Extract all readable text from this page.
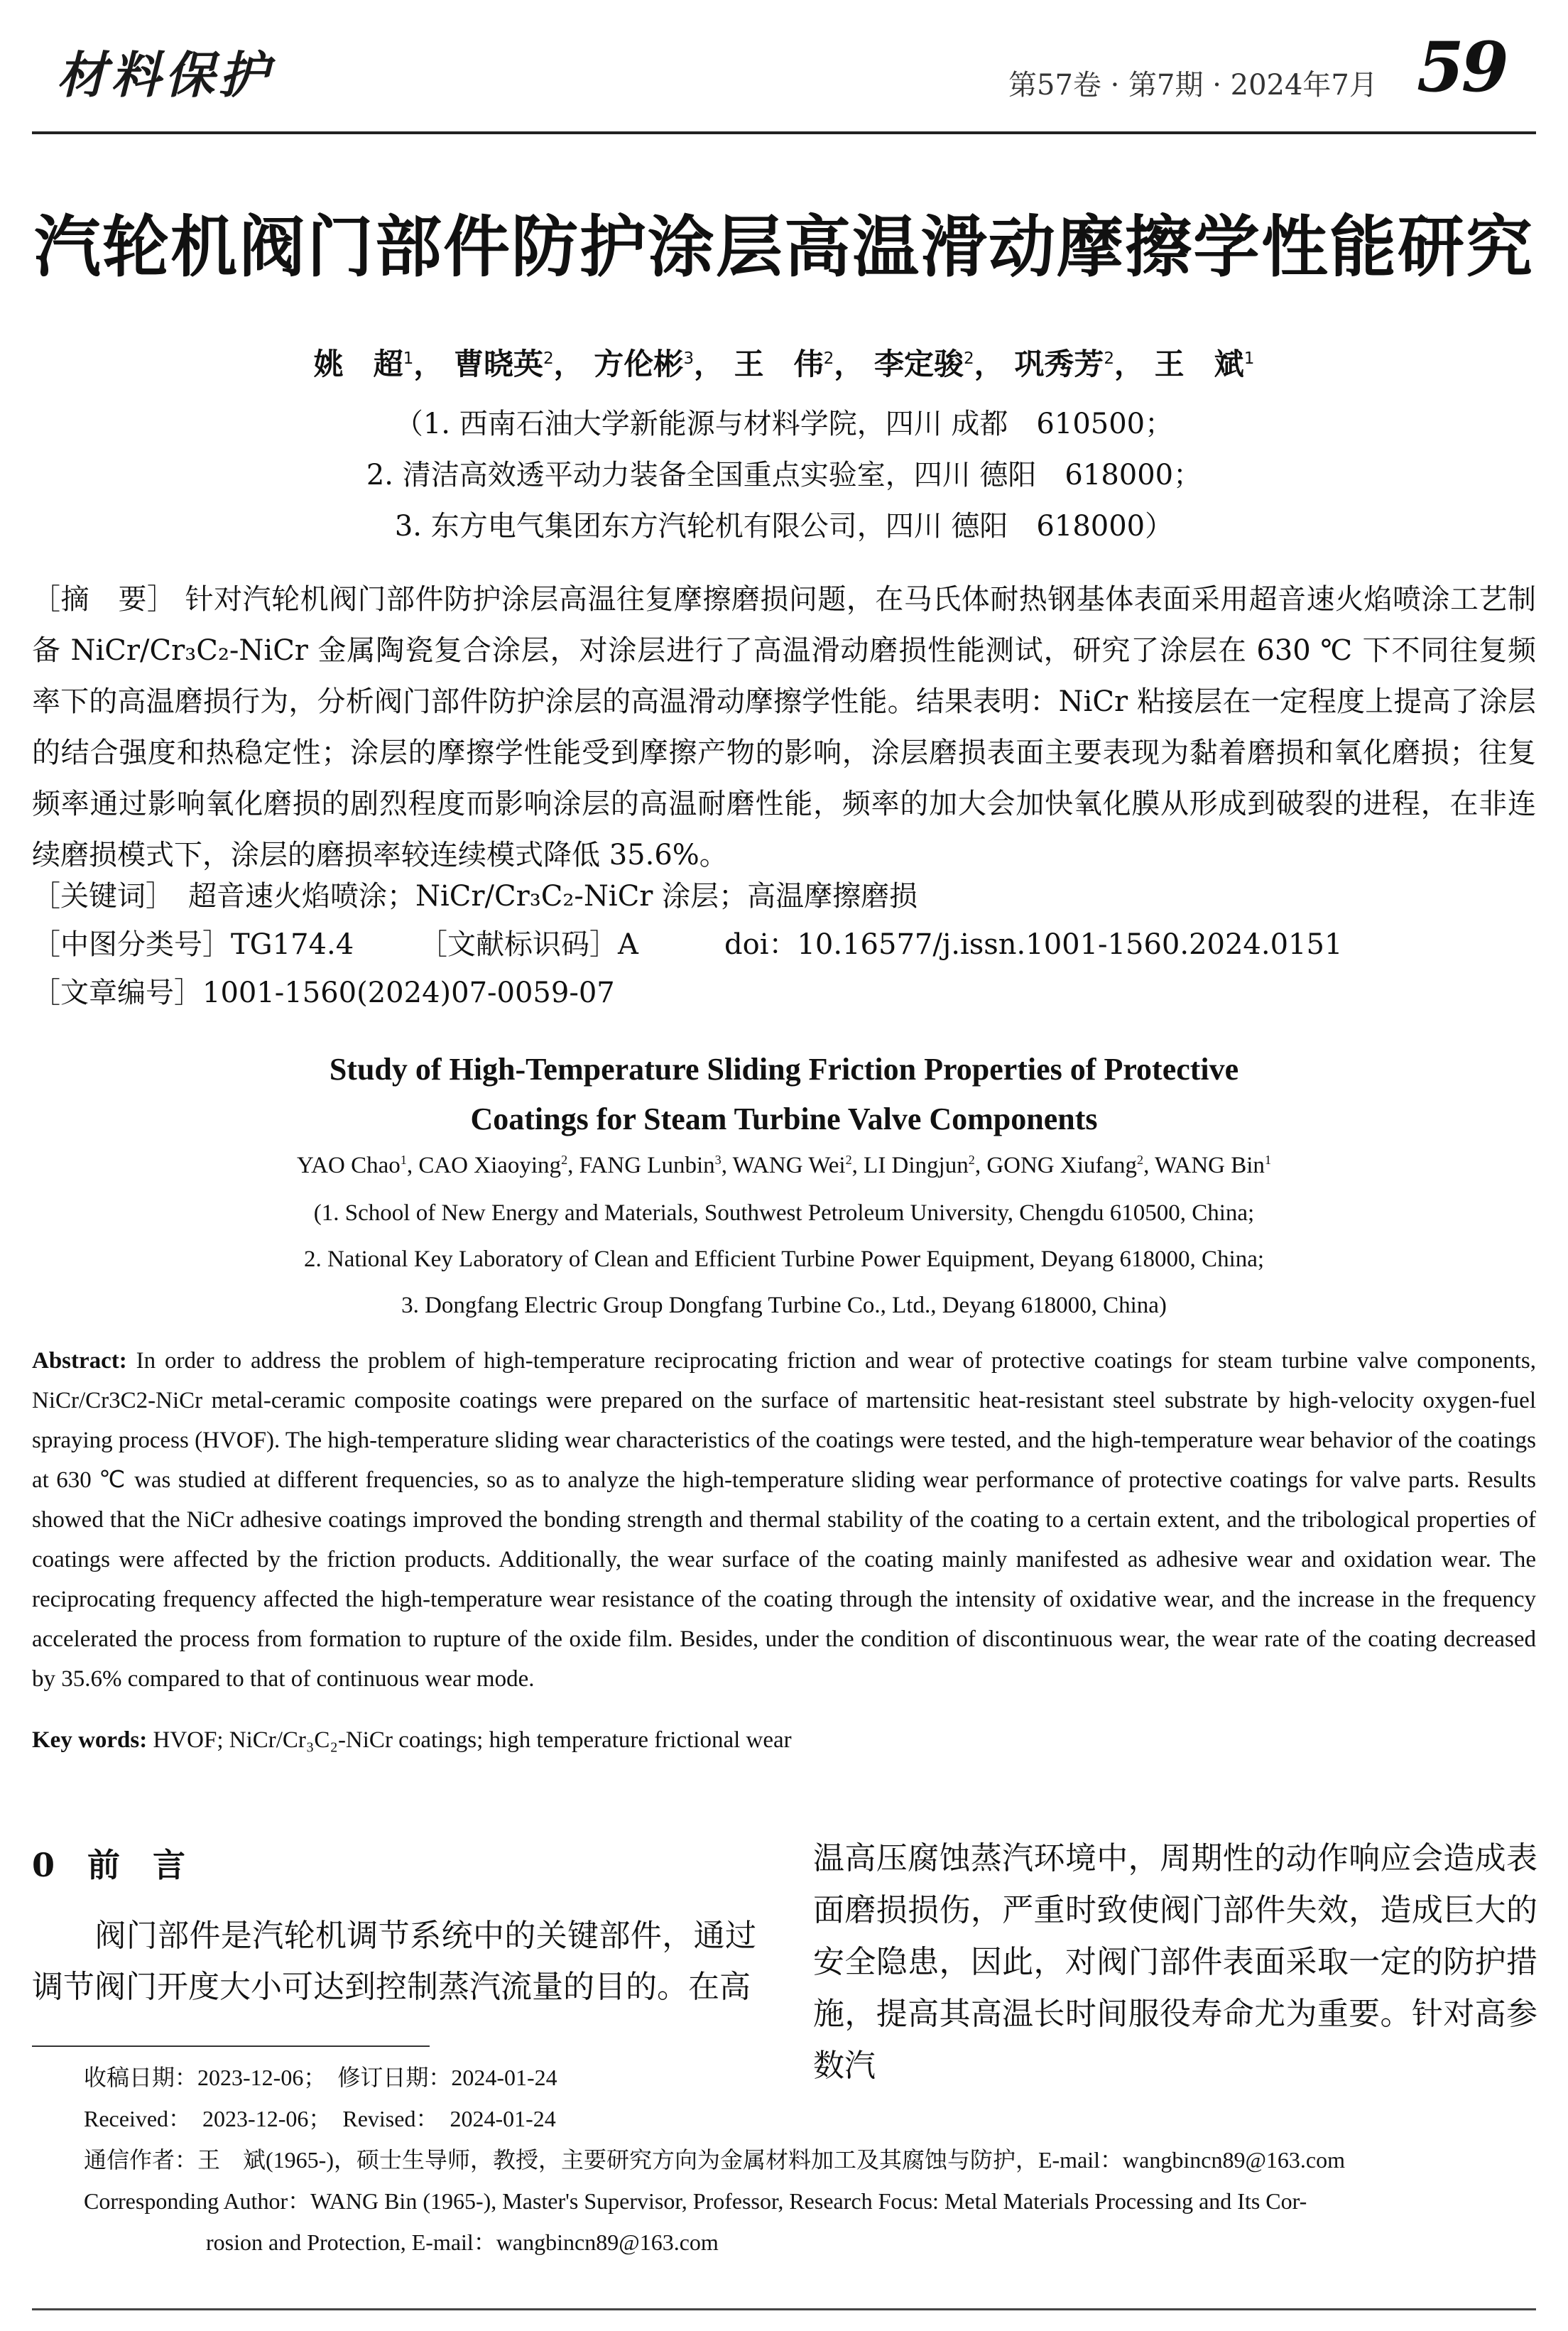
材料保护	第57卷 · 第7期 · 2024年7月 59
汽轮机阀门部件防护涂层高温滑动摩擦学性能研究
姚　超$^1$， 曹晓英$^2$， 方伦彬$^3$， 王　伟$^2$， 李定骏$^2$， 巩秀芳$^2$， 王　斌$^1$
（1. 西南石油大学新能源与材料学院，四川 成都　610500；
2. 清洁高效透平动力装备全国重点实验室，四川 德阳　618000；
3. 东方电气集团东方汽轮机有限公司，四川 德阳　618000）
［摘　要］ 针对汽轮机阀门部件防护涂层高温往复摩擦磨损问题，在马氏体耐热钢基体表面采用超音速火焰喷涂工艺制备 NiCr/Cr₃C₂-NiCr 金属陶瓷复合涂层，对涂层进行了高温滑动磨损性能测试，研究了涂层在 630 ℃ 下不同往复频率下的高温磨损行为，分析阀门部件防护涂层的高温滑动摩擦学性能。结果表明：NiCr 粘接层在一定程度上提高了涂层的结合强度和热稳定性；涂层的摩擦学性能受到摩擦产物的影响，涂层磨损表面主要表现为黏着磨损和氧化磨损；往复频率通过影响氧化磨损的剧烈程度而影响涂层的高温耐磨性能，频率的加大会加快氧化膜从形成到破裂的进程，在非连续磨损模式下，涂层的磨损率较连续模式降低 35.6%。
［关键词］　 超音速火焰喷涂；NiCr/Cr₃C₂-NiCr 涂层；高温摩擦磨损
［中图分类号］TG174.4 ［文献标识码］A	doi：10.16577/j.issn.1001-1560.2024.0151
［文章编号］1001-1560(2024)07-0059-07
Study of High-Temperature Sliding Friction Properties of Protective
Coatings for Steam Turbine Valve Components
YAO Chao$^1$, CAO Xiaoying$^2$, FANG Lunbin$^3$, WANG Wei$^2$, LI Dingjun$^2$, GONG Xiufang$^2$, WANG Bin$^1$
(1. School of New Energy and Materials, Southwest Petroleum University, Chengdu 610500, China;
2. National Key Laboratory of Clean and Efficient Turbine Power Equipment, Deyang 618000, China;
3. Dongfang Electric Group Dongfang Turbine Co., Ltd., Deyang 618000, China)
Abstract: In order to address the problem of high-temperature reciprocating friction and wear of protective coatings for steam turbine valve components, NiCr/Cr3C2-NiCr metal-ceramic composite coatings were prepared on the surface of martensitic heat-resistant steel substrate by high-velocity oxygen-fuel spraying process (HVOF). The high-temperature sliding wear characteristics of the coatings were tested, and the high-temperature wear behavior of the coatings at 630 ℃ was studied at different frequencies, so as to analyze the high-temperature sliding wear performance of protective coatings for valve parts. Results showed that the NiCr adhesive coatings improved the bonding strength and thermal stability of the coating to a certain extent, and the tribological properties of coatings were affected by the friction products. Additionally, the wear surface of the coating mainly manifested as adhesive wear and oxidation wear. The reciprocating frequency affected the high-temperature wear resistance of the coating through the intensity of oxidative wear, and the increase in the frequency accelerated the process from formation to rupture of the oxide film. Besides, under the condition of discontinuous wear, the wear rate of the coating decreased by 35.6% compared to that of continuous wear mode.
Key words: HVOF; NiCr/Cr₃C₂-NiCr coatings; high temperature frictional wear
0　前　言
阀门部件是汽轮机调节系统中的关键部件，通过调节阀门开度大小可达到控制蒸汽流量的目的。在高
温高压腐蚀蒸汽环境中，周期性的动作响应会造成表面磨损损伤，严重时致使阀门部件失效，造成巨大的安全隐患，因此，对阀门部件表面采取一定的防护措施，提高其高温长时间服役寿命尤为重要。针对高参数汽
收稿日期：2023-12-06；　修订日期：2024-01-24
Received：　2023-12-06；　Revised：　2024-01-24
通信作者：王　斌(1965-)，硕士生导师，教授，主要研究方向为金属材料加工及其腐蚀与防护，E-mail：wangbincn89@163.com
Corresponding Author：WANG Bin (1965-), Master's Supervisor, Professor, Research Focus: Metal Materials Processing and Its Cor-
rosion and Protection, E-mail：wangbincn89@163.com
